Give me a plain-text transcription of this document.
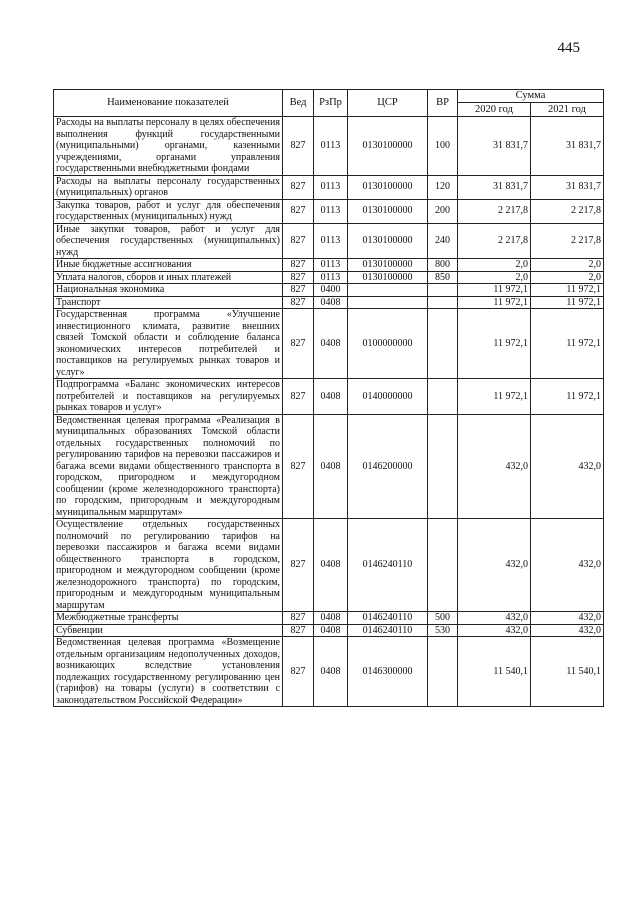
445
Наименование показателей	Вед	РзПр	ЦСР	ВР	Сумма	
					2020 год	2021 год
Расходы на выплаты персоналу в целях обеспечения выполнения функций государственными (муниципальными) органами, казенными учреждениями, органами управления государственными внебюджетными фондами	827	0113	0130100000	100	31 831,7	31 831,7
Расходы на выплаты персоналу государственных (муниципальных) органов	827	0113	0130100000	120	31 831,7	31 831,7
Закупка товаров, работ и услуг для обеспечения государственных (муниципальных) нужд	827	0113	0130100000	200	2 217,8	2 217,8
Иные закупки товаров, работ и услуг для обеспечения государственных (муниципальных) нужд	827	0113	0130100000	240	2 217,8	2 217,8
Иные бюджетные ассигнования	827	0113	0130100000	800	2,0	2,0
Уплата налогов, сборов и иных платежей	827	0113	0130100000	850	2,0	2,0
Национальная экономика	827	0400			11 972,1	11 972,1
Транспорт	827	0408			11 972,1	11 972,1
Государственная программа «Улучшение инвестиционного климата, развитие внешних связей Томской области и соблюдение баланса экономических интересов потребителей и поставщиков на регулируемых рынках товаров и услуг»	827	0408	0100000000		11 972,1	11 972,1
Подпрограмма «Баланс экономических интересов потребителей и поставщиков на регулируемых рынках товаров и услуг»	827	0408	0140000000		11 972,1	11 972,1
Ведомственная целевая программа «Реализация в муниципальных образованиях Томской области отдельных государственных полномочий по регулированию тарифов на перевозки пассажиров и багажа всеми видами общественного транспорта в городском, пригородном и междугородном сообщении (кроме железнодорожного транспорта) по городским, пригородным и междугородным муниципальным маршрутам»	827	0408	0146200000		432,0	432,0
Осуществление отдельных государственных полномочий по регулированию тарифов на перевозки пассажиров и багажа всеми видами общественного транспорта в городском, пригородном и междугородном сообщении (кроме железнодорожного транспорта) по городским, пригородным и междугородным муниципальным маршрутам	827	0408	0146240110		432,0	432,0
Межбюджетные трансферты	827	0408	0146240110	500	432,0	432,0
Субвенции	827	0408	0146240110	530	432,0	432,0
Ведомственная целевая программа «Возмещение отдельным организациям недополученных доходов, возникающих вследствие установления подлежащих государственному регулированию цен (тарифов) на товары (услуги) в соответствии с законодательством Российской Федерации»	827	0408	0146300000		11 540,1	11 540,1
